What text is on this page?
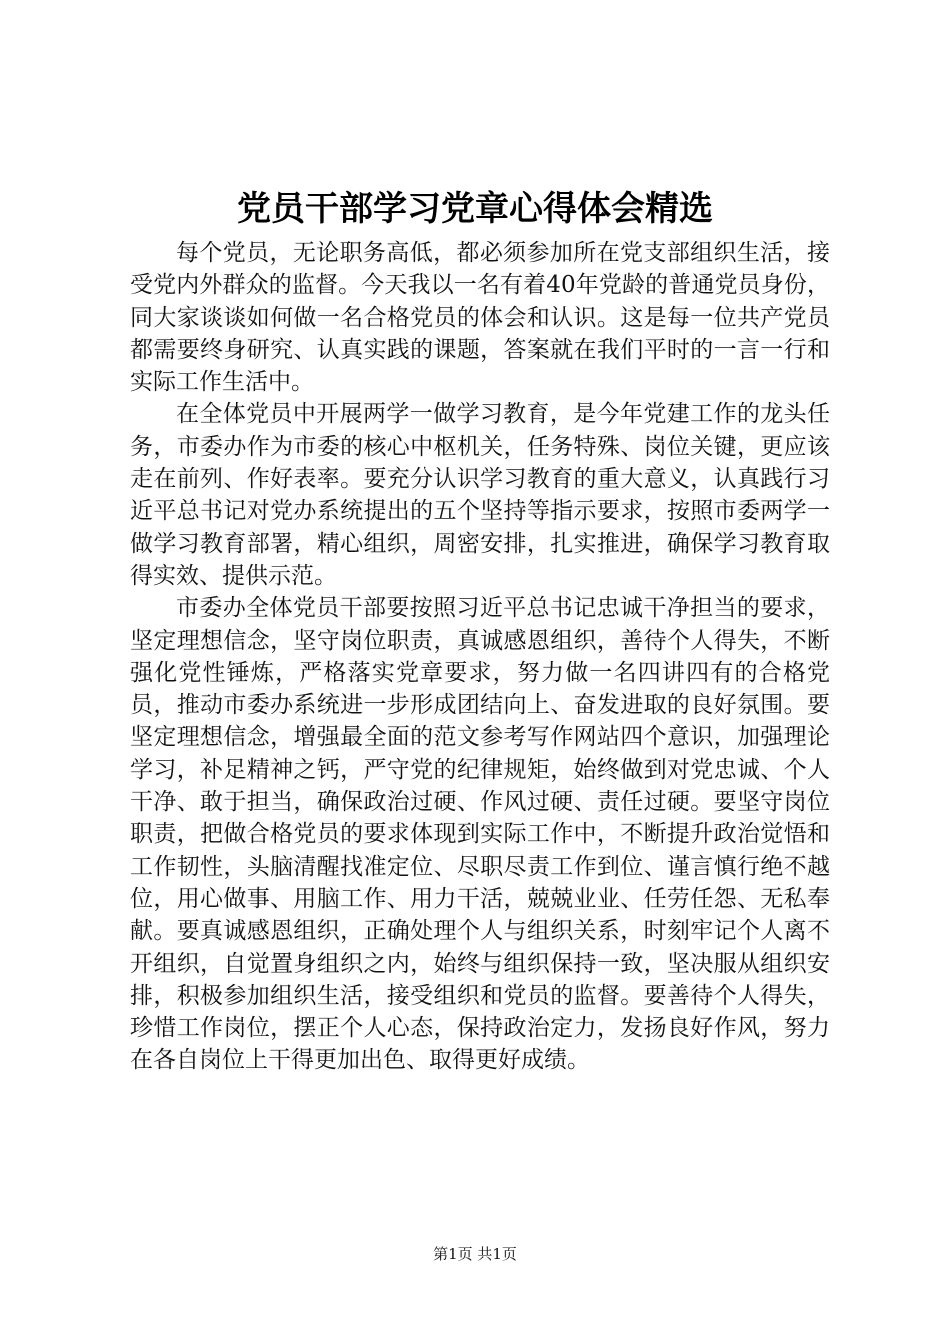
党员干部学习党章心得体会精选

每个党员，无论职务高低，都必须参加所在党支部组织生活，接受党内外群众的监督。今天我以一名有着40年党龄的普通党员身份，同大家谈谈如何做一名合格党员的体会和认识。这是每一位共产党员都需要终身研究、认真实践的课题，答案就在我们平时的一言一行和实际工作生活中。

在全体党员中开展两学一做学习教育，是今年党建工作的龙头任务，市委办作为市委的核心中枢机关，任务特殊、岗位关键，更应该走在前列、作好表率。要充分认识学习教育的重大意义，认真践行习近平总书记对党办系统提出的五个坚持等指示要求，按照市委两学一做学习教育部署，精心组织，周密安排，扎实推进，确保学习教育取得实效、提供示范。

市委办全体党员干部要按照习近平总书记忠诚干净担当的要求，坚定理想信念，坚守岗位职责，真诚感恩组织，善待个人得失，不断强化党性锤炼，严格落实党章要求，努力做一名四讲四有的合格党员，推动市委办系统进一步形成团结向上、奋发进取的良好氛围。要坚定理想信念，增强最全面的范文参考写作网站四个意识，加强理论学习，补足精神之钙，严守党的纪律规矩，始终做到对党忠诚、个人干净、敢于担当，确保政治过硬、作风过硬、责任过硬。要坚守岗位职责，把做合格党员的要求体现到实际工作中，不断提升政治觉悟和工作韧性，头脑清醒找准定位、尽职尽责工作到位、谨言慎行绝不越位，用心做事、用脑工作、用力干活，兢兢业业、任劳任怨、无私奉献。要真诚感恩组织，正确处理个人与组织关系，时刻牢记个人离不开组织，自觉置身组织之内，始终与组织保持一致，坚决服从组织安排，积极参加组织生活，接受组织和党员的监督。要善待个人得失，珍惜工作岗位，摆正个人心态，保持政治定力，发扬良好作风，努力在各自岗位上干得更加出色、取得更好成绩。

第1页 共1页
